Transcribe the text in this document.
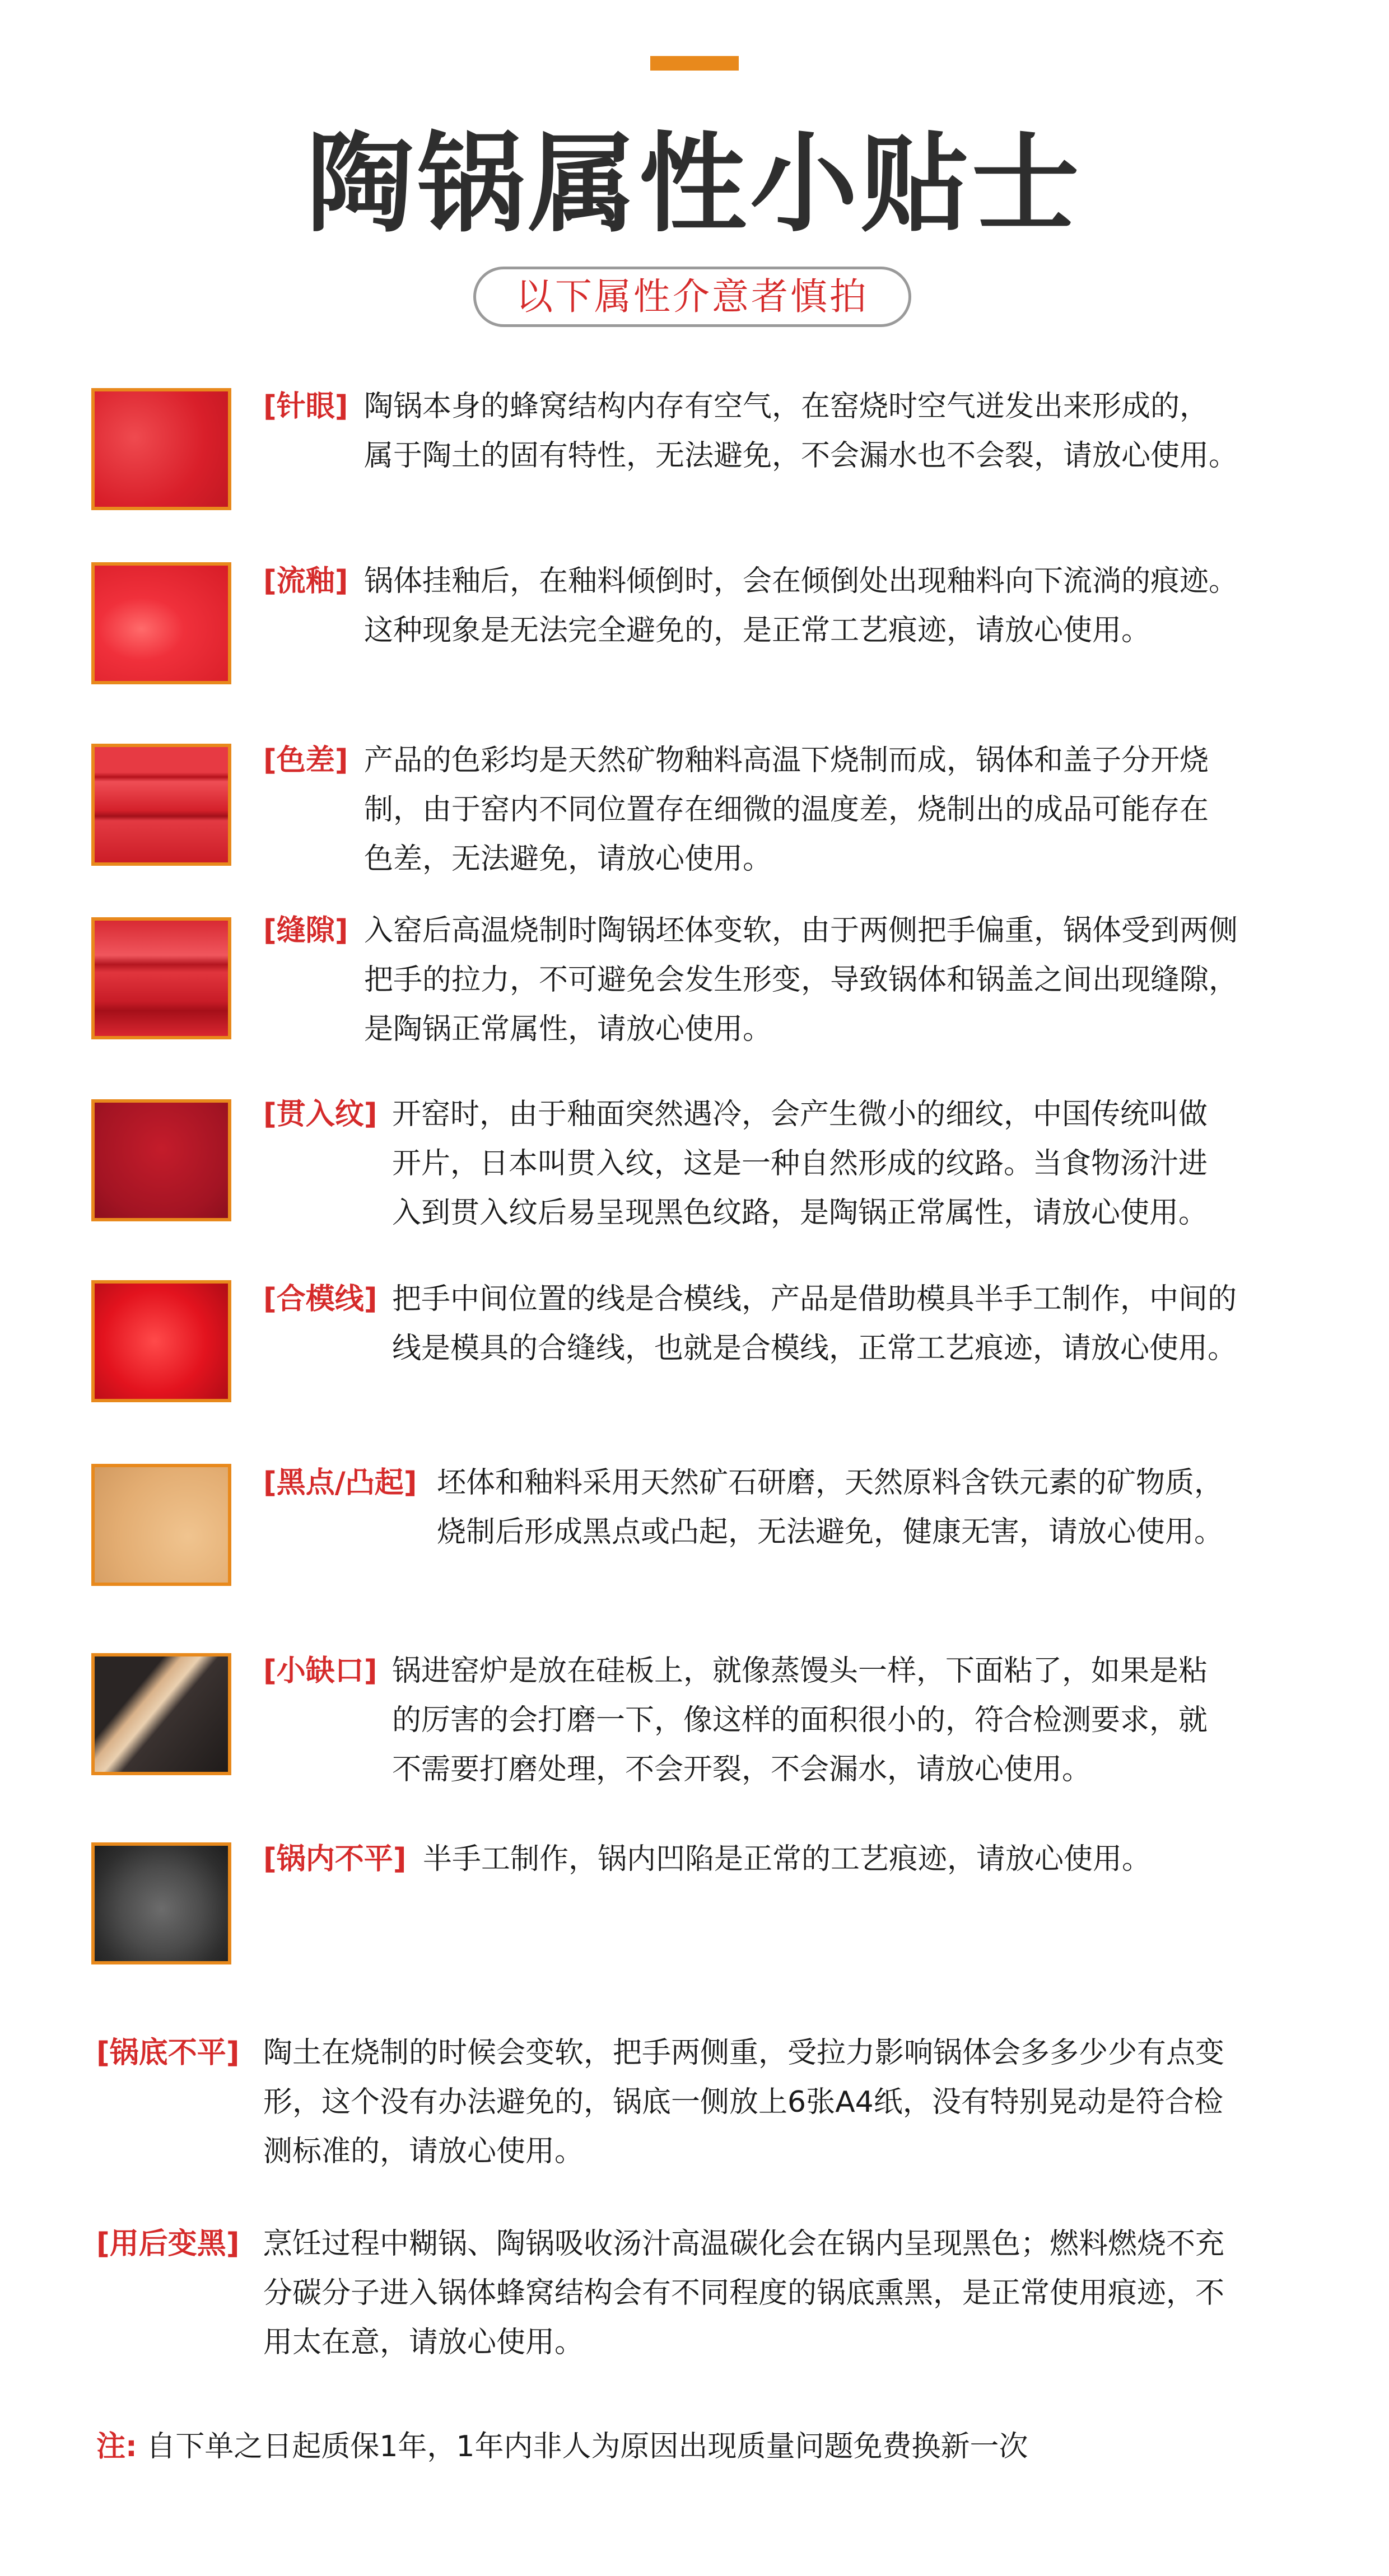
陶锅属性小贴士
以下属性介意者慎拍
[针眼] 陶锅本身的蜂窝结构内存有空气，在窑烧时空气迸发出来形成的，
属于陶土的固有特性，无法避免，不会漏水也不会裂，请放心使用。
[流釉] 锅体挂釉后，在釉料倾倒时，会在倾倒处出现釉料向下流淌的痕迹。
这种现象是无法完全避免的，是正常工艺痕迹，请放心使用。
[色差] 产品的色彩均是天然矿物釉料高温下烧制而成，锅体和盖子分开烧
制，由于窑内不同位置存在细微的温度差，烧制出的成品可能存在
色差，无法避免，请放心使用。
[缝隙] 入窑后高温烧制时陶锅坯体变软，由于两侧把手偏重，锅体受到两侧
把手的拉力，不可避免会发生形变，导致锅体和锅盖之间出现缝隙，
是陶锅正常属性，请放心使用。
[贯入纹] 开窑时，由于釉面突然遇冷，会产生微小的细纹，中国传统叫做
开片，日本叫贯入纹，这是一种自然形成的纹路。当食物汤汁进
入到贯入纹后易呈现黑色纹路，是陶锅正常属性，请放心使用。
[合模线] 把手中间位置的线是合模线，产品是借助模具半手工制作，中间的
线是模具的合缝线，也就是合模线，正常工艺痕迹，请放心使用。
[黑点/凸起] 坯体和釉料采用天然矿石研磨，天然原料含铁元素的矿物质，
烧制后形成黑点或凸起，无法避免，健康无害，请放心使用。
[小缺口] 锅进窑炉是放在硅板上，就像蒸馒头一样，下面粘了，如果是粘
的厉害的会打磨一下，像这样的面积很小的，符合检测要求，就
不需要打磨处理，不会开裂，不会漏水，请放心使用。
[锅内不平] 半手工制作，锅内凹陷是正常的工艺痕迹，请放心使用。
[锅底不平] 陶土在烧制的时候会变软，把手两侧重，受拉力影响锅体会多多少少有点变
形，这个没有办法避免的，锅底一侧放上6张A4纸，没有特别晃动是符合检
测标准的，请放心使用。
[用后变黑] 烹饪过程中糊锅、陶锅吸收汤汁高温碳化会在锅内呈现黑色；燃料燃烧不充
分碳分子进入锅体蜂窝结构会有不同程度的锅底熏黑，是正常使用痕迹，不
用太在意，请放心使用。
注: 自下单之日起质保1年，1年内非人为原因出现质量问题免费换新一次
